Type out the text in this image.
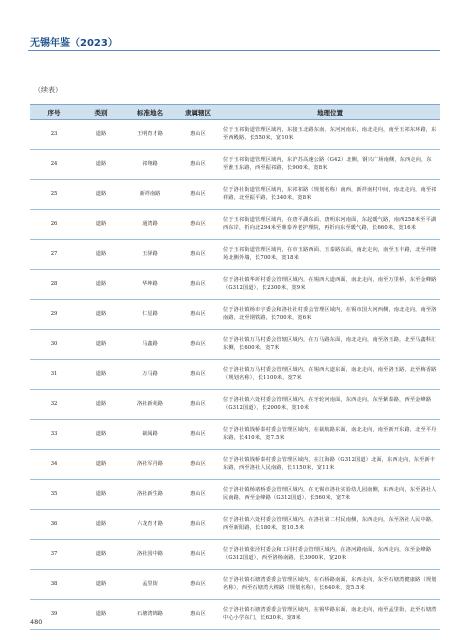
无锡年鉴（2023）
（续表）
序号	类别	标准地名	隶属辖区	地理位置
23	道路	王明育才路	惠山区	位于玉祁街道管理区域内，东接玉北路东南、东河河南东，南北走向，南至玉祁东环路，东至西殿路，长550米，宽10米
24	道路	祁翔路	惠山区	位于玉祁街道管理区域内，东沪苏高速公路（G42）北侧，钢兴广场南侧，东西走向，东至淮玉东路，西至振祁路，长900米，宽8米
25	道路	新祥南路	惠山区	位于洛社街道管理区域内，东祁祁路（规划名称）南西，新祥南村中间，南北走向，南至祁祥路，北至振平路，长340米，宽8米
26	道路	通湾路	惠山区	位于玉祁街道管理区域内，在唐平湖东面、唐明东河南面，东起暖气路，南西258米至平湖西东岸，折向北294米至鼎泰养老护理院，再折向东至暖气路，长660米，宽16米
27	道路	玉驿路	惠山区	位于玉祁街道管理区域内，在市玉路西面、玉泰路东面，南北走向，南至玉丰路，北至祥隆苑北侧外墙，长700米，宽18米
28	道路	华坤路	惠山区	位于洛社镇华圻村委会管理区域内，在锡西大道西面，南北走向，南至万里桥，东至金峰路（G312国道），长2300米，宽9米
29	道路	仁星路	惠山区	位于洛社镇杨市宇委会和洛社社村委会管理区域内，在锡市国大河西侧，南北走向，南至洛南路，北至钢铁路，长700米，宽6米
30	道路	马鑫路	惠山区	位于洛社镇万马村委会管辖区域内，在万马路东面，南北走向，南至洛玉路，北至马鑫科汇东侧，长600米，宽7米
31	道路	万马路	惠山区	位于洛社镇万马村委会管理区域内，在锡西大道东面，南北走向，南至洛玉路，北至梅香路（规划名称），长1100米，宽7米
32	道路	洛社新苑路	惠山区	位于洛社镇六处村委会管理区域内，在牙轮河南面，东西走向，东至紫泰路，西至金峰路（G312国道），长2000米，宽10米
33	道路	裁阅路	惠山区	位于洛社镇钱桥泰村委会管理区域内，在裁航路东面，南北走向，南至新开东路，北至平丹东路，长410米，宽7.5米
34	道路	洛社军丹路	惠山区	位于洛社镇钱桥泰村委会管理区域内，在江海路（G312国道）北面，东西走向，东至新丰东路，西至洛社人民南路，长1150米，宽11米
35	道路	洛社新生路	惠山区	位于洛社镇杨诸桥委会管理区域内，在无锡市洛社实验幼儿园南侧，东西走向，东至洛社人民南路，西至金峰路（G312国道），长560米，宽7米
36	道路	六龙育才路	惠山区	位于洛社镇六处村委会管理区域内，在洛社第二村民南侧，东西走向，东至洛社人民中路，西至新阳路，长180米，宽10.5米
37	道路	洛社国中路	惠山区	位于洛社镇张泾村委会和工同村委会管理区域内，在洛河路南面，东西走向，东至金峰路（G312国道），西至洛杨南路，长3900米，宽20米
38	道路	孟里街	惠山区	位于洛社镇石塘湾委委会管理区域内，在石桥路南面，东西走向，东至石塘湾健康路（规划名称），西至石塘湾大棒路（规划名称），长640米，宽5.5米
39	道路	石塘湾锦路	惠山区	位于洛社镇石塘湾委委会管理区域内，在锡华路东面，南北走向，南至孟里街，北至石塘湾中心小学东门，长630米，宽8米
480
